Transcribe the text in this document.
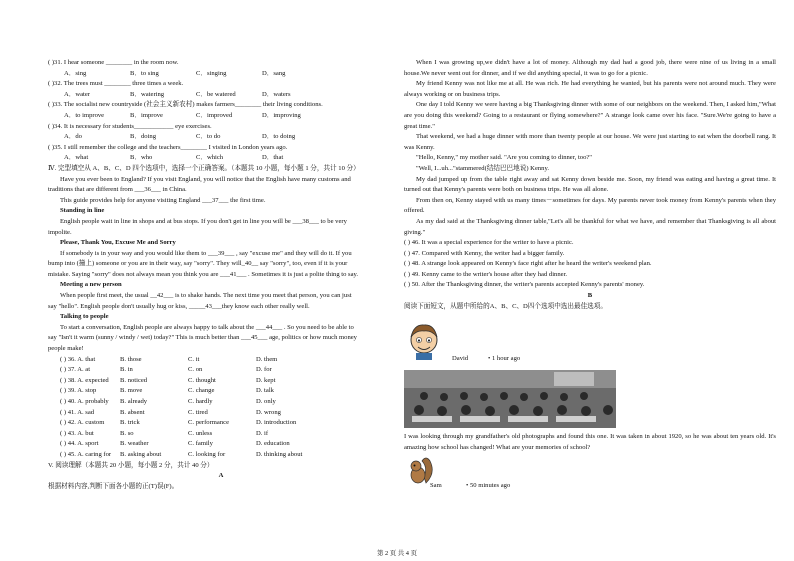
( )31. I hear someone ________ in the room now.
A．sing	B．to sing	C．singing	D．sang
( )32. The trees must ________ three times a week.
A．water	B．watering	C．be watered	D．waters
( )33. The socialist new countryside (社会主义新农村) makes farmers________ their living conditions.
A．to improve	B．improve	C．improved	D．improving
( )34. It is necessary for students____________ eye exercises.
A．do	B．doing	C．to do	D．to doing
( )35. I still remember the college and the teachers________ I visited in London years ago.
A．what	B．who	C．which	D．that
Ⅳ. 完型填空从 A、B、C、D 四个选项中，选择一个正确答案。（本题共 10 小题，每小题 1 分，共计 10 分）
Have you ever been to England? If you visit England, you will notice that the English have many customs and
traditions that are different from ___36___ in China.
This guide provides help for anyone visiting England ___37___ the first time.
Standing in line
English people wait in line in shops and at bus stops. If you don't get in line you will be ___38___ to be very
impolite.
Please, Thank You, Excuse Me and Sorry
If somebody is in your way and you would like them to ___39___ , say "excuse me" and they will do it. If you
bump into (撞上) someone or you are in their way, say "sorry". They will_40__ say "sorry", too, even if it is your
mistake. Saying "sorry" does not always mean you think you are ___41___ . Sometimes it is just a polite thing to say.
Meeting a new person
When people first meet, the usual __42___ is to shake hands. The next time you meet that person, you can just
say "hello". English people don't usually hug or kiss, _____43___they know each other really well.
Talking to people
To start a conversation, English people are always happy to talk about the ___44___ . So you need to be able to
say "Isn't it warm (sunny / windy / wet) today?" This is much better than ___45___ age, politics or how much money
people make!
( ) 36. A. that	B. those	C. it	D. them
( ) 37. A. at	B. in	C. on	D. for
( ) 38. A. expected	B. noticed	C. thought	D. kept
( ) 39. A. stop	B. move	C. change	D. talk
( ) 40. A. probably	B. already	C. hardly	D. only
( ) 41. A. sad	B. absent	C. tired	D. wrong
( ) 42. A. custom	B. trick	C. performance	D. introduction
( ) 43. A. but	B. so	C. unless	D. if
( ) 44. A. sport	B. weather	C. family	D. education
( ) 45. A. caring for	B. asking about	C. looking for	D. thinking about
V. 阅读理解（本题共 20 小题，每小题 2 分，共计 40 分）
A
根据材料内容,判断下面各小题的正(T)误(F)。
When I was growing up,we didn't have a lot of money. Although my dad had a good job, there were nine of us living in a small house.We never went out for dinner, and if we did anything special, it was to go for a picnic.
My friend Kenny was not like me at all. He was rich. He had everything he wanted, but his parents were not around much. They were always working or on business trips.
One day I told Kenny we were having a big Thanksgiving dinner with some of our neighbors on the weekend. Then, I asked him,"What are you doing this weekend? Going to a restaurant or flying somewhere?" A strange look came over his face. "Sure.We're going to have a great time."
That weekend, we had a huge dinner with more than twenty people at our house. We were just starting to eat when the doorbell rang. It was Kenny.
"Hello, Kenny," my mother said. "Are you coming to dinner, too?"
"Well, I...uh..."stammered(结结巴巴地说) Kenny.
My dad jumped up from the table right away and sat Kenny down beside me. Soon, my friend was eating and having a great time. It turned out that Kenny's parents were both on business trips. He was all alone.
From then on, Kenny stayed with us many times－sometimes for days. My parents never took money from Kenny's parents when they offered.
As my dad said at the Thanksgiving dinner table,"Let's all be thankful for what we have, and remember that Thanksgiving is all about giving."
( ) 46. It was a special experience for the writer to have a picnic.
( ) 47. Compared with Kenny, the writer had a bigger family.
( ) 48. A strange look appeared on Kenny's face right after he heard the writer's weekend plan.
( ) 49. Kenny came to the writer's house after they had dinner.
( ) 50. After the Thanksgiving dinner, the writer's parents accepted Kenny's parents' money.
B
阅读下面短文，从题中所给的A、B、C、D四个选项中选出最佳选项。
David	• 1 hour ago
I was looking through my grandfather's old photographs and found this one. It was taken in about 1920, so he was about ten years old. It's amazing how school has changed! What are your memories of school?
Sam	• 50 minutes ago
第 2 页 共 4 页
